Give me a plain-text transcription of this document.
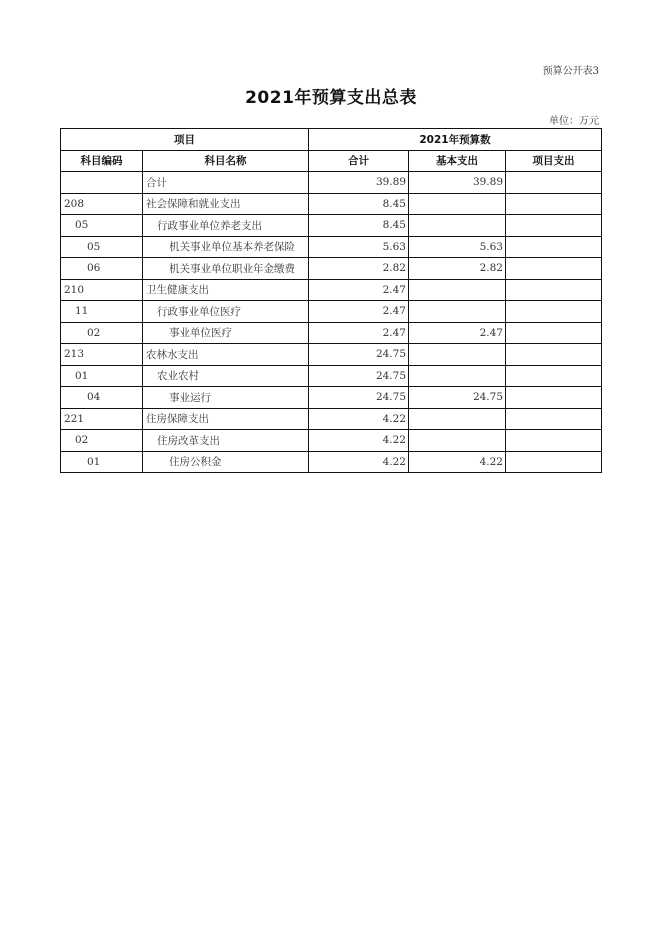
预算公开表3
2021年预算支出总表
单位：万元
项目		2021年预算数		
科目编码	科目名称	合计	基本支出	项目支出
	合计	39.89	39.89	
208	社会保障和就业支出	8.45		
05	行政事业单位养老支出	8.45		
05	机关事业单位基本养老保险	5.63	5.63	
06	机关事业单位职业年金缴费	2.82	2.82	
210	卫生健康支出	2.47		
11	行政事业单位医疗	2.47		
02	事业单位医疗	2.47	2.47	
213	农林水支出	24.75		
01	农业农村	24.75		
04	事业运行	24.75	24.75	
221	住房保障支出	4.22		
02	住房改革支出	4.22		
01	住房公积金	4.22	4.22	
